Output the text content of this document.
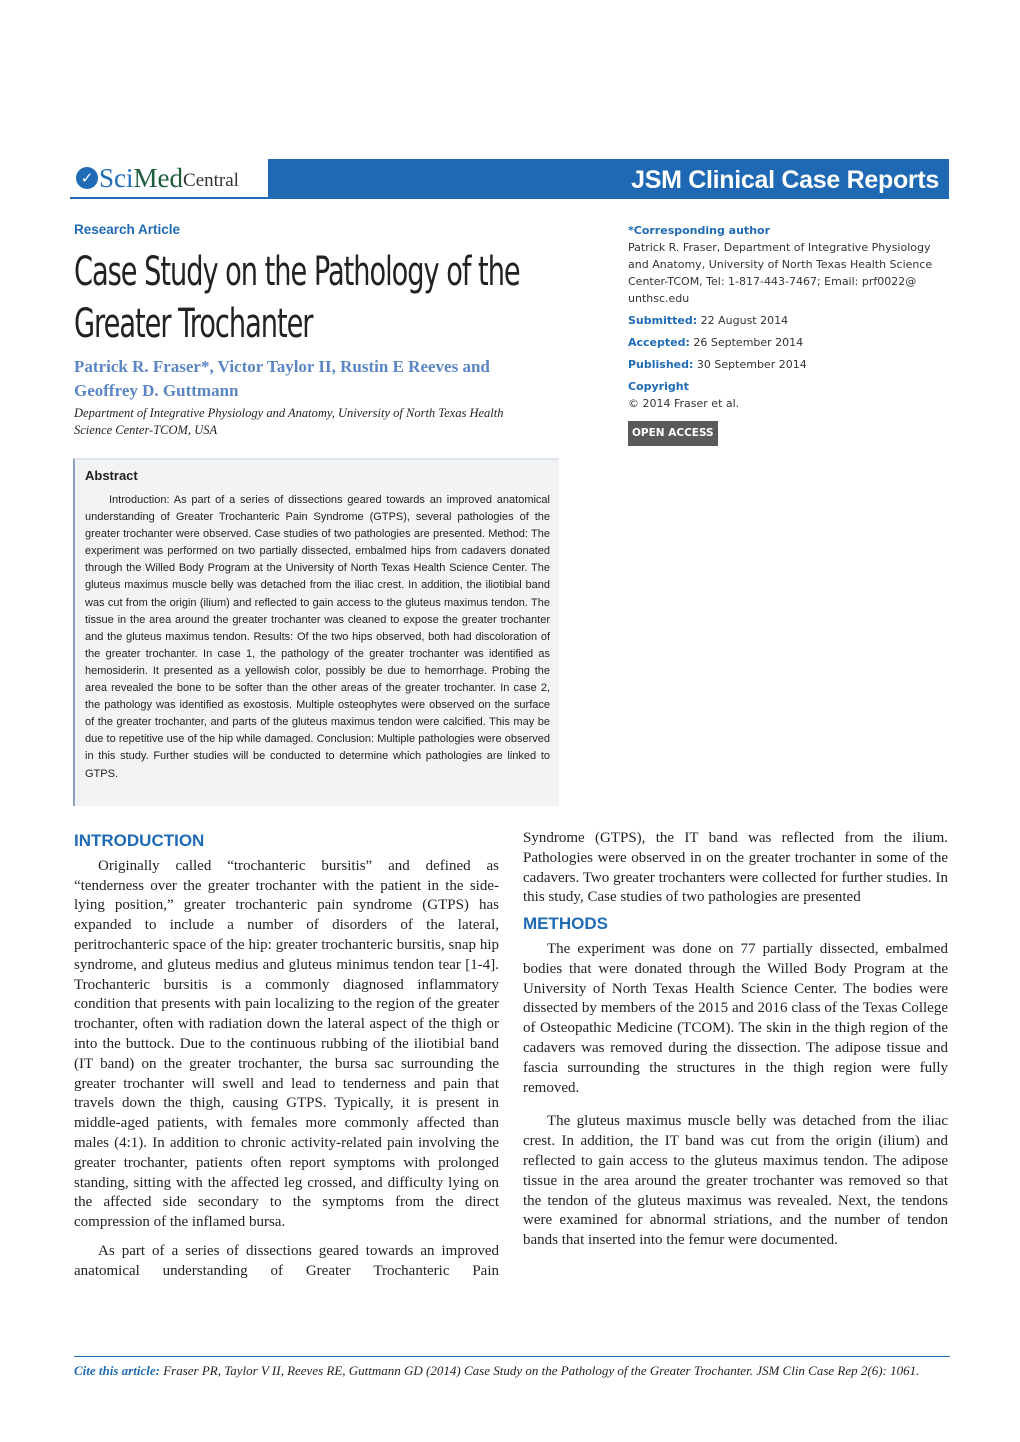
✓ Sci Med Central	JSM Clinical Case Reports
Research Article
Case Study on the Pathology of the Greater Trochanter
Patrick R. Fraser*, Victor Taylor II, Rustin E Reeves and Geoffrey D. Guttmann
Department of Integrative Physiology and Anatomy, University of North Texas Health Science Center-TCOM, USA
Abstract

Introduction: As part of a series of dissections geared towards an improved anatomical understanding of Greater Trochanteric Pain Syndrome (GTPS), several pathologies of the greater trochanter were observed. Case studies of two pathologies are presented. Method: The experiment was performed on two partially dissected, embalmed hips from cadavers donated through the Willed Body Program at the University of North Texas Health Science Center. The gluteus maximus muscle belly was detached from the iliac crest. In addition, the iliotibial band was cut from the origin (ilium) and reflected to gain access to the gluteus maximus tendon. The tissue in the area around the greater trochanter was cleaned to expose the greater trochanter and the gluteus maximus tendon. Results: Of the two hips observed, both had discoloration of the greater trochanter. In case 1, the pathology of the greater trochanter was identified as hemosiderin. It presented as a yellowish color, possibly be due to hemorrhage. Probing the area revealed the bone to be softer than the other areas of the greater trochanter. In case 2, the pathology was identified as exostosis. Multiple osteophytes were observed on the surface of the greater trochanter, and parts of the gluteus maximus tendon were calcified. This may be due to repetitive use of the hip while damaged. Conclusion: Multiple pathologies were observed in this study. Further studies will be conducted to determine which pathologies are linked to GTPS.

*Corresponding author
Patrick R. Fraser, Department of Integrative Physiology and Anatomy, University of North Texas Health Science Center-TCOM, Tel: 1-817-443-7467; Email: prf0022@ unthsc.edu
Submitted: 22 August 2014
Accepted: 26 September 2014
Published: 30 September 2014
Copyright
© 2014 Fraser et al.
OPEN ACCESS
INTRODUCTION

Originally called “trochanteric bursitis” and defined as “tenderness over the greater trochanter with the patient in the side-lying position,” greater trochanteric pain syndrome (GTPS) has expanded to include a number of disorders of the lateral, peritrochanteric space of the hip: greater trochanteric bursitis, snap hip syndrome, and gluteus medius and gluteus minimus tendon tear [1-4]. Trochanteric bursitis is a commonly diagnosed inflammatory condition that presents with pain localizing to the region of the greater trochanter, often with radiation down the lateral aspect of the thigh or into the buttock. Due to the continuous rubbing of the iliotibial band (IT band) on the greater trochanter, the bursa sac surrounding the greater trochanter will swell and lead to tenderness and pain that travels down the thigh, causing GTPS. Typically, it is present in middle-aged patients, with females more commonly affected than males (4:1). In addition to chronic activity-related pain involving the greater trochanter, patients often report symptoms with prolonged standing, sitting with the affected leg crossed, and difficulty lying on the affected side secondary to the symptoms from the direct compression of the inflamed bursa.

As part of a series of dissections geared towards an improved anatomical understanding of Greater Trochanteric Pain

Syndrome (GTPS), the IT band was reflected from the ilium. Pathologies were observed in on the greater trochanter in some of the cadavers. Two greater trochanters were collected for further studies. In this study, Case studies of two pathologies are presented

METHODS

The experiment was done on 77 partially dissected, embalmed bodies that were donated through the Willed Body Program at the University of North Texas Health Science Center. The bodies were dissected by members of the 2015 and 2016 class of the Texas College of Osteopathic Medicine (TCOM). The skin in the thigh region of the cadavers was removed during the dissection. The adipose tissue and fascia surrounding the structures in the thigh region were fully removed.

The gluteus maximus muscle belly was detached from the iliac crest. In addition, the IT band was cut from the origin (ilium) and reflected to gain access to the gluteus maximus tendon. The adipose tissue in the area around the greater trochanter was removed so that the tendon of the gluteus maximus was revealed. Next, the tendons were examined for abnormal striations, and the number of tendon bands that inserted into the femur were documented.

Cite this article: Fraser PR, Taylor V II, Reeves RE, Guttmann GD (2014) Case Study on the Pathology of the Greater Trochanter. JSM Clin Case Rep 2(6): 1061.
